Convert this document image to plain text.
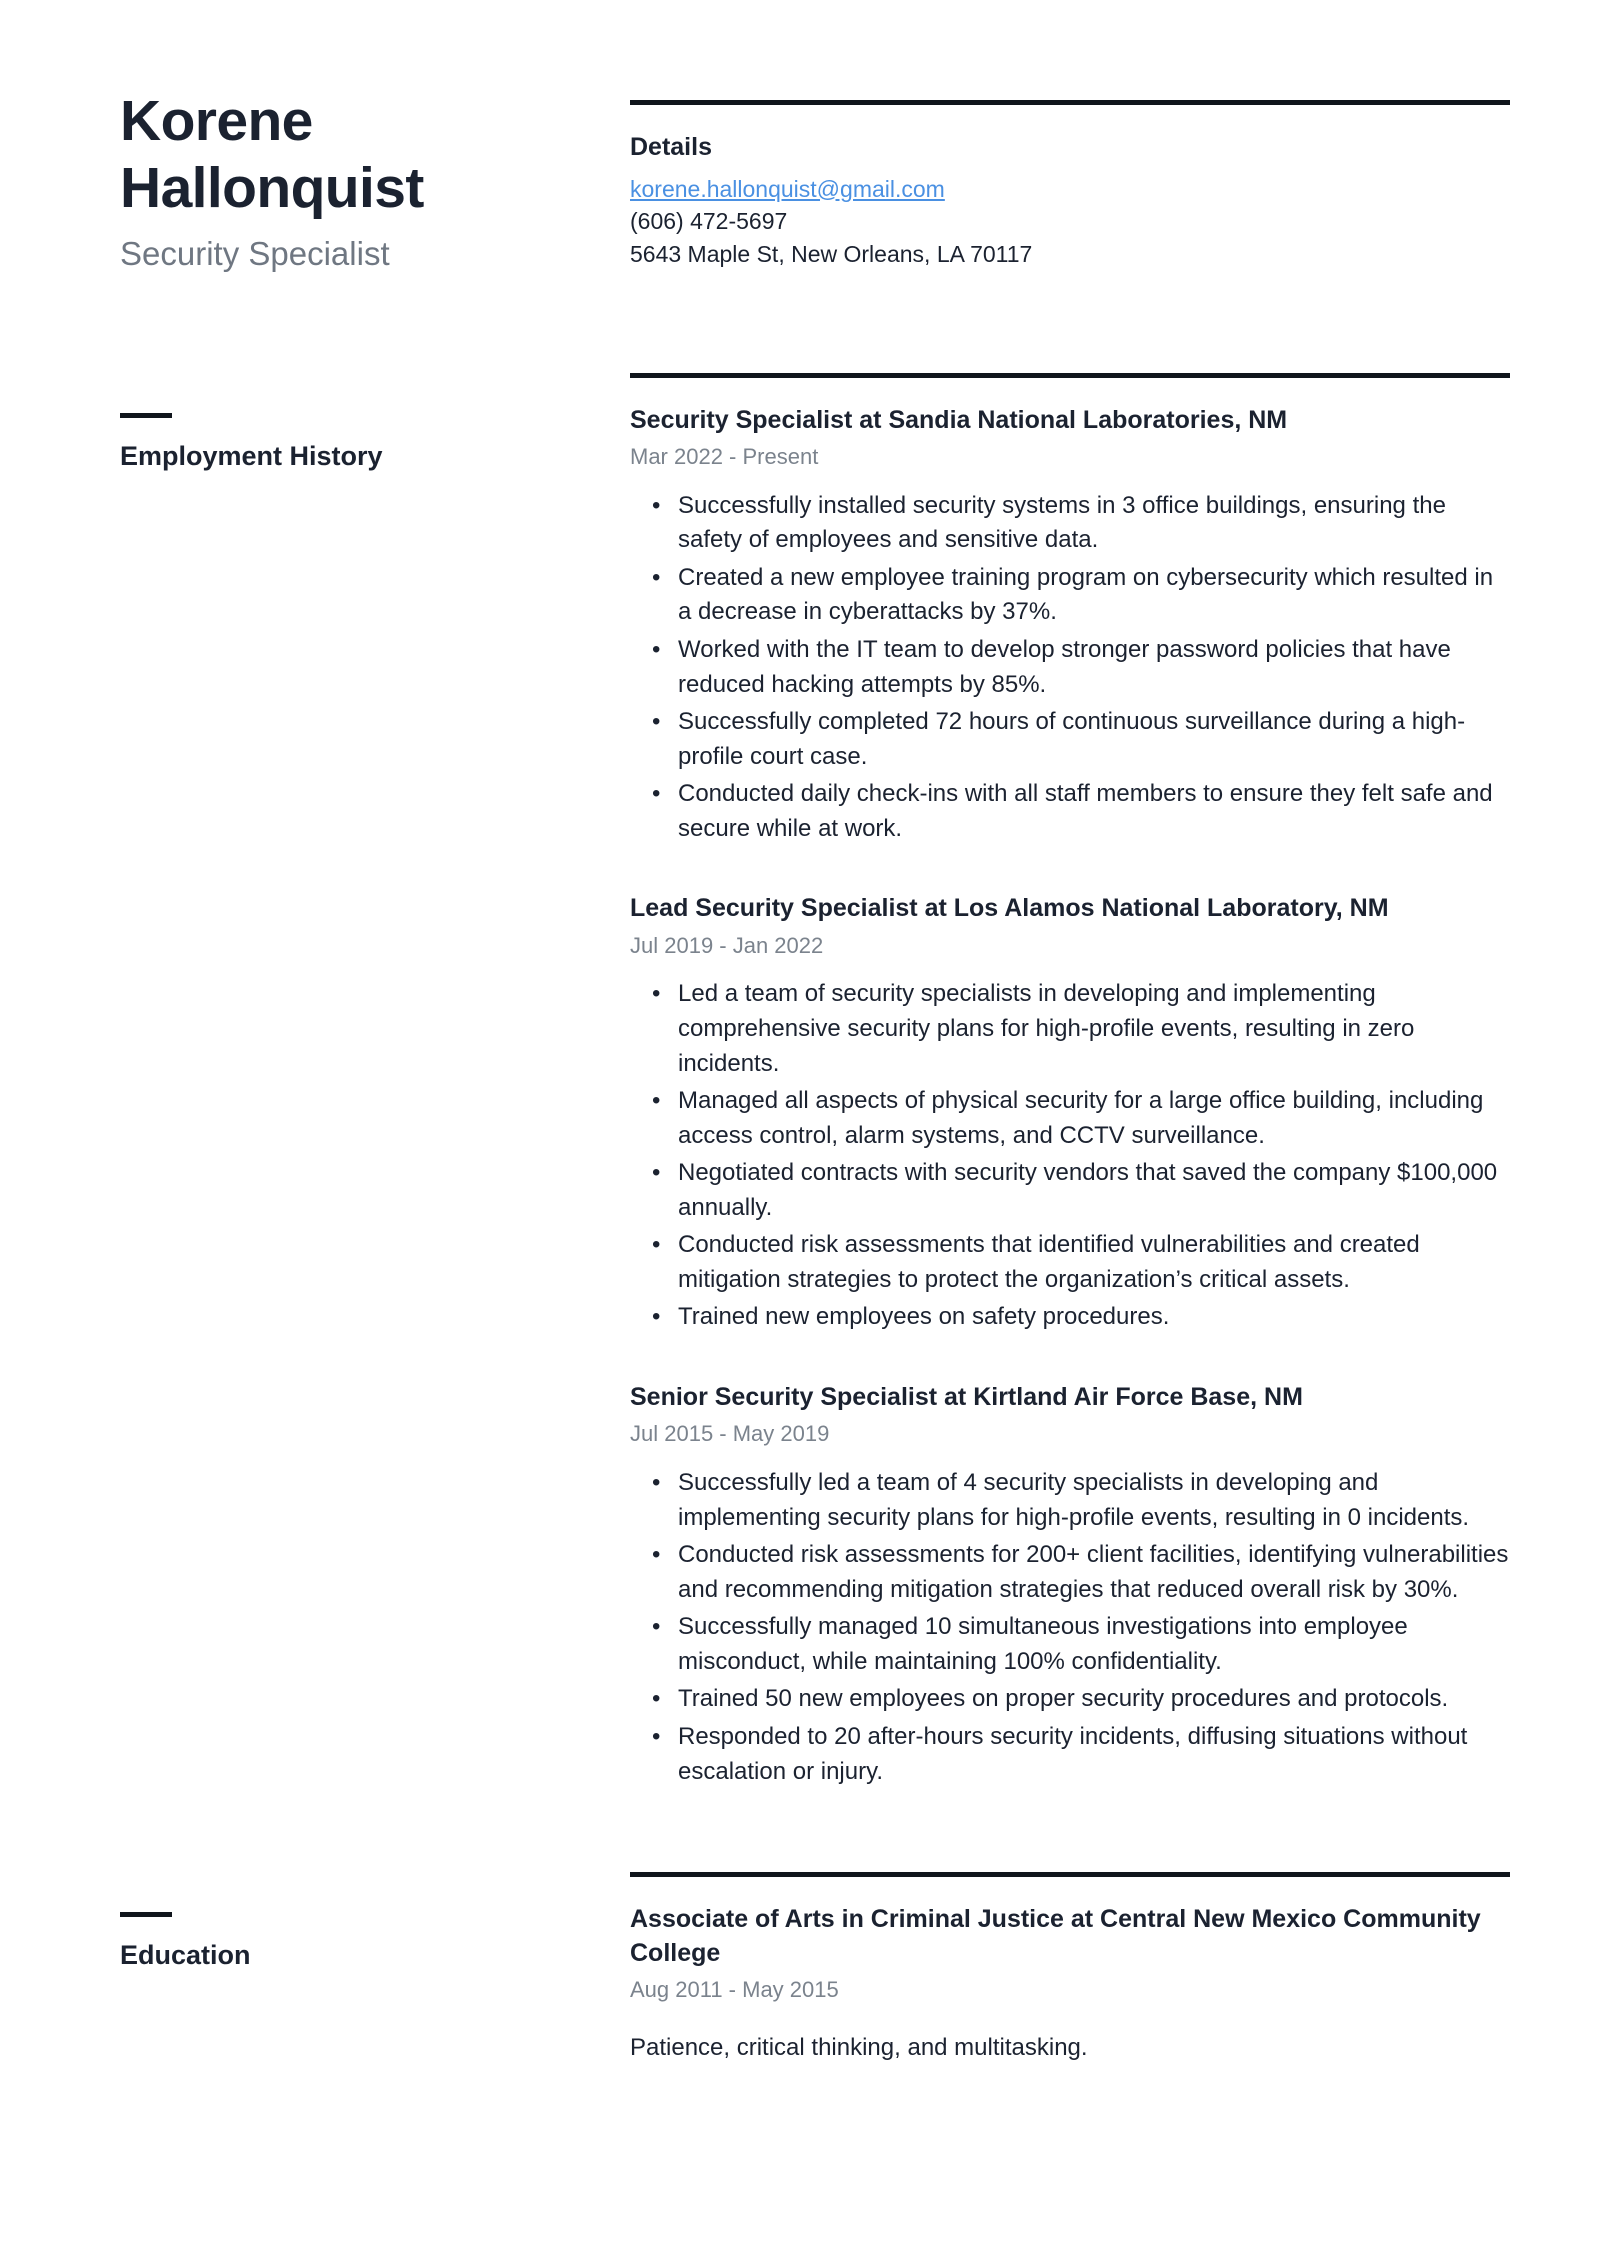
Korene Hallonquist
Security Specialist
Details
korene.hallonquist@gmail.com
(606) 472-5697
5643 Maple St, New Orleans, LA 70117
Employment History
Security Specialist at Sandia National Laboratories, NM
Mar 2022 - Present
• Successfully installed security systems in 3 office buildings, ensuring the safety of employees and sensitive data.
• Created a new employee training program on cybersecurity which resulted in a decrease in cyberattacks by 37%.
• Worked with the IT team to develop stronger password policies that have reduced hacking attempts by 85%.
• Successfully completed 72 hours of continuous surveillance during a high-profile court case.
• Conducted daily check-ins with all staff members to ensure they felt safe and secure while at work.
Lead Security Specialist at Los Alamos National Laboratory, NM
Jul 2019 - Jan 2022
• Led a team of security specialists in developing and implementing comprehensive security plans for high-profile events, resulting in zero incidents.
• Managed all aspects of physical security for a large office building, including access control, alarm systems, and CCTV surveillance.
• Negotiated contracts with security vendors that saved the company $100,000 annually.
• Conducted risk assessments that identified vulnerabilities and created mitigation strategies to protect the organization’s critical assets.
• Trained new employees on safety procedures.
Senior Security Specialist at Kirtland Air Force Base, NM
Jul 2015 - May 2019
• Successfully led a team of 4 security specialists in developing and implementing security plans for high-profile events, resulting in 0 incidents.
• Conducted risk assessments for 200+ client facilities, identifying vulnerabilities and recommending mitigation strategies that reduced overall risk by 30%.
• Successfully managed 10 simultaneous investigations into employee misconduct, while maintaining 100% confidentiality.
• Trained 50 new employees on proper security procedures and protocols.
• Responded to 20 after-hours security incidents, diffusing situations without escalation or injury.
Education
Associate of Arts in Criminal Justice at Central New Mexico Community College
Aug 2011 - May 2015
Patience, critical thinking, and multitasking.
